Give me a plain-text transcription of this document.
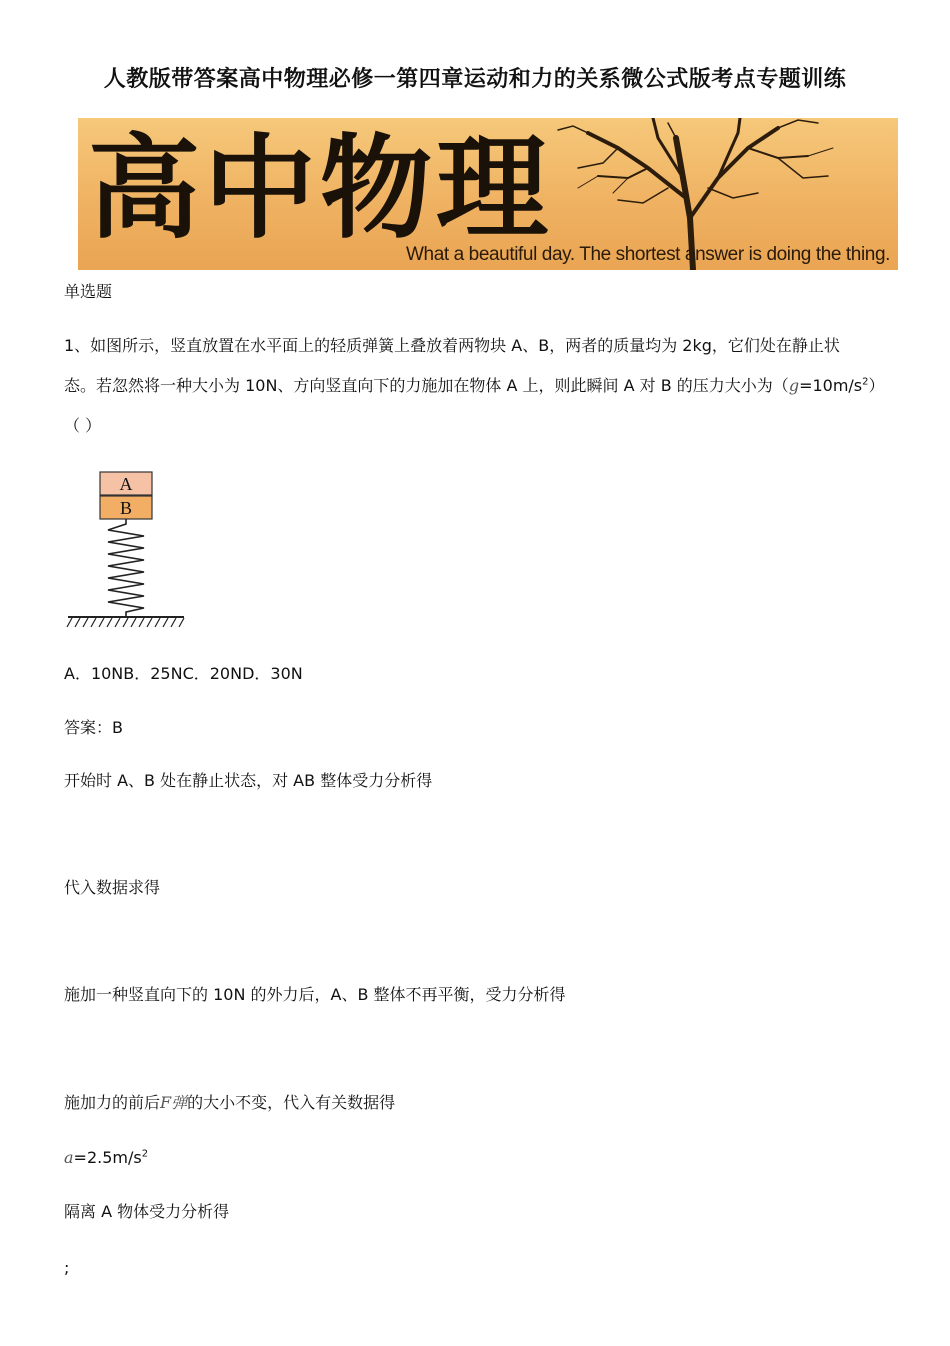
人教版带答案高中物理必修一第四章运动和力的关系微公式版考点专题训练
高中物理
What a beautiful day. The shortest answer is doing the thing.
单选题
1、如图所示，竖直放置在水平面上的轻质弹簧上叠放着两物块 A、B，两者的质量均为 2kg，它们处在静止状
态。若忽然将一种大小为 10N、方向竖直向下的力施加在物体 A 上，则此瞬间 A 对 B 的压力大小为$(g=10m/s^2)$
（ ）
A
B
A．10NB．25NC．20ND．30N
答案：B
开始时 A、B 处在静止状态，对 AB 整体受力分析得
代入数据求得
施加一种竖直向下的 10N 的外力后，A、B 整体不再平衡，受力分析得
施加力的前后F弹的大小不变，代入有关数据得
$a=2.5m/s^2$
隔离 A 物体受力分析得
;
